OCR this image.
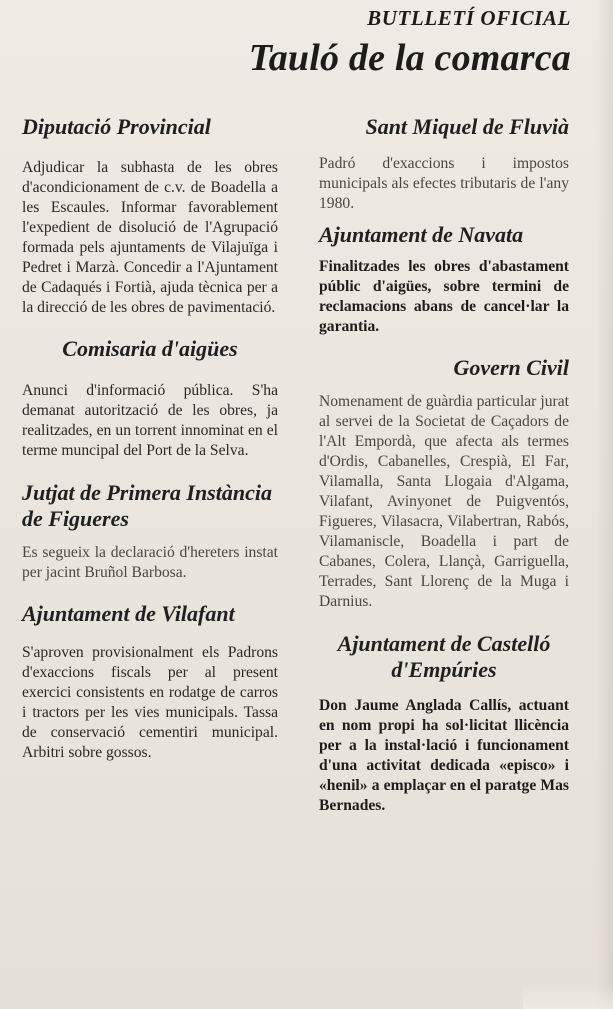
BUTLLETÍ OFICIAL
Tauló de la comarca
Diputació Provincial

Adjudicar la subhasta de les obres d'acondicionament de c.v. de Boadella a les Escaules. Informar favorablement l'expedient de disolució de l'Agrupació formada pels ajuntaments de Vilajuïga i Pedret i Marzà. Concedir a l'Ajuntament de Cadaqués i Fortià, ajuda tècnica per a la direcció de les obres de pavimentació.

Comisaria d'aigües

Anunci d'informació pública. S'ha demanat autorització de les obres, ja realitzades, en un torrent innominat en el terme muncipal del Port de la Selva.

Jutjat de Primera Instància de Figueres

Es segueix la declaració d'hereters instat per jacint Bruñol Barbosa.

Ajuntament de Vilafant

S'aproven provisionalment els Padrons d'exaccions fiscals per al present exercici consistents en rodatge de carros i tractors per les vies municipals. Tassa de conservació cementiri municipal. Arbitri sobre gossos.

Sant Miquel de Fluvià

Padró d'exaccions i impostos municipals als efectes tributaris de l'any 1980.

Ajuntament de Navata

Finalitzades les obres d'abastament públic d'aigües, sobre termini de reclamacions abans de cancel·lar la garantia.

Govern Civil

Nomenament de guàrdia particular jurat al servei de la Societat de Caçadors de l'Alt Empordà, que afecta als termes d'Ordis, Cabanelles, Crespià, El Far, Vilamalla, Santa Llogaia d'Algama, Vilafant, Avinyonet de Puigventós, Figueres, Vilasacra, Vilabertran, Rabós, Vilamaniscle, Boadella i part de Cabanes, Colera, Llançà, Garriguella, Terrades, Sant Llorenç de la Muga i Darnius.

Ajuntament de Castelló d'Empúries

Don Jaume Anglada Callís, actuant en nom propi ha sol·licitat llicència per a la instal·lació i funcionament d'una activitat dedicada «episco» i «henil» a emplaçar en el paratge Mas Bernades.
